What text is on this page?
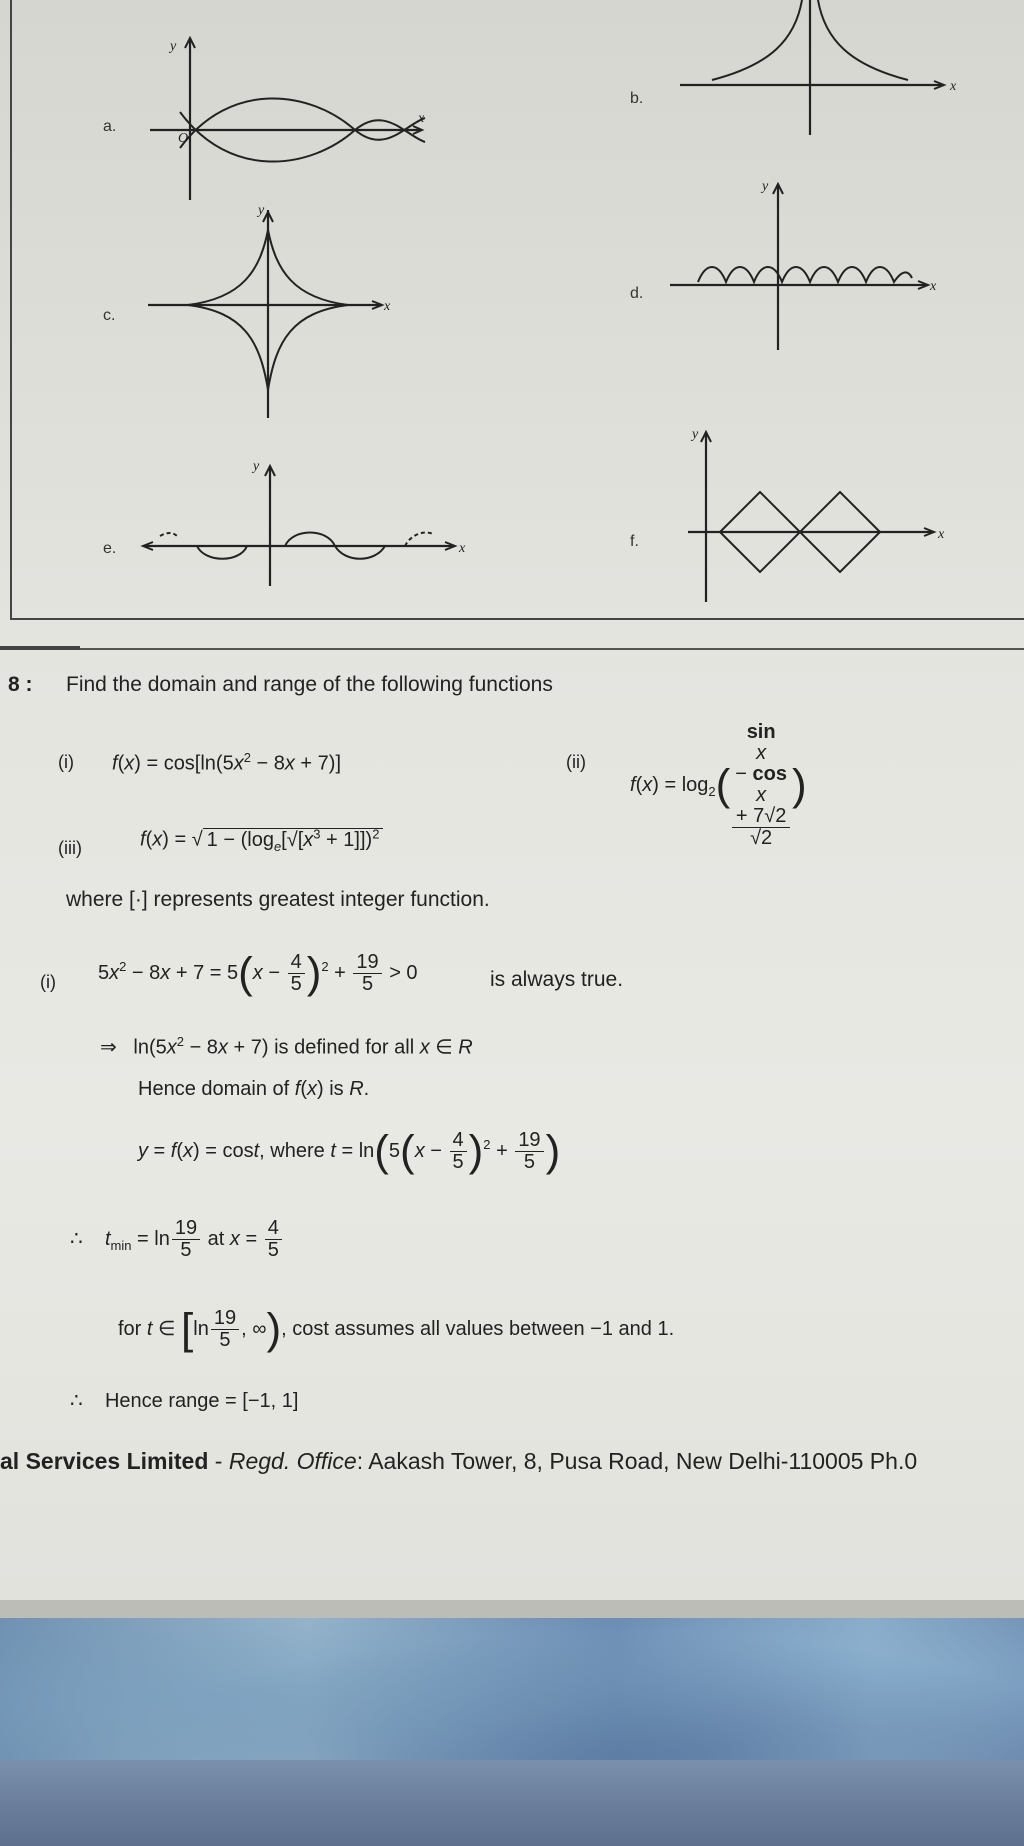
a.
y
x
O
b.
x
c.
y
x
d.
y
x
e.
y
x	f.
y
x
8 : Find the domain and range of the following functions
(i) $f(x) = \cos[\ln(5x^2 - 8x + 7)]$	(ii)
$f(x) = \log_2$( sin
x
− cos
x
+ 7√2
√2 )
(iii)	f(x) = √ $1 - (\log_e[√[x^3 + 1]])^2$
where [·] represents greatest integer function.
(i) $5x^2 - 8x + 7 = 5(x - \frac{4}{5} )^2 + \frac{19}{5} > 0$	is always true.
⇒   $\ln(5x^2 - 8x + 7)$ is defined for all x ∈ R
Hence domain of f(x) is R.
y = f(x) = cost, where $t = \ln(5(x - \frac{4}{5} )^2 + \frac{19}{5}$ )
∴    $t_{min} = \ln \frac{19}{5}$ at $x = \frac{4}{5}$
for t ∈ [$\ln \frac{19}{5}$ , ∞), cost assumes all values between −1 and 1.
∴    Hence range = [−1, 1]
al Services Limited - Regd. Office: Aakash Tower, 8, Pusa Road, New Delhi-110005 Ph.0
